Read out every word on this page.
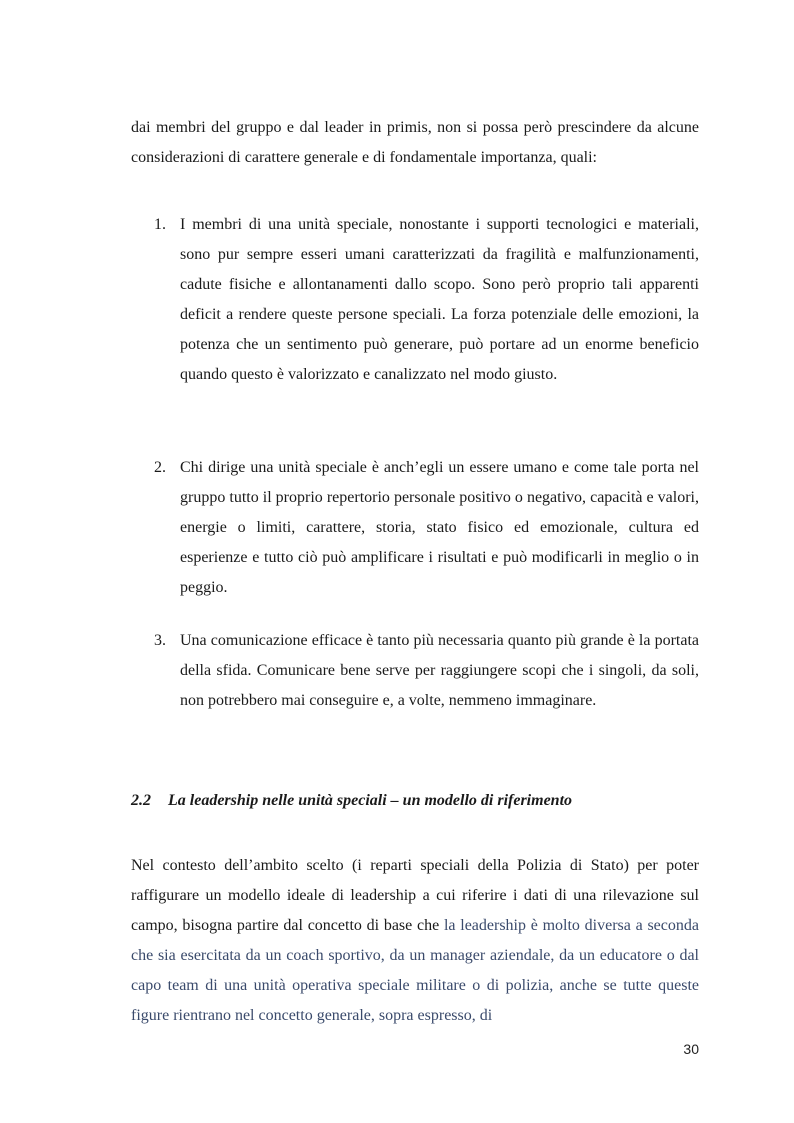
dai membri del gruppo e dal leader in primis, non si possa però prescindere da alcune considerazioni di carattere generale e di fondamentale importanza, quali:

1. I membri di una unità speciale, nonostante i supporti tecnologici e materiali, sono pur sempre esseri umani caratterizzati da fragilità e malfunzionamenti, cadute fisiche e allontanamenti dallo scopo. Sono però proprio tali apparenti deficit a rendere queste persone speciali. La forza potenziale delle emozioni, la potenza che un sentimento può generare, può portare ad un enorme beneficio quando questo è valorizzato e canalizzato nel modo giusto.

2. Chi dirige una unità speciale è anch’egli un essere umano e come tale porta nel gruppo tutto il proprio repertorio personale positivo o negativo, capacità e valori, energie o limiti, carattere, storia, stato fisico ed emozionale, cultura ed esperienze e tutto ciò può amplificare i risultati e può modificarli in meglio o in peggio.

3. Una comunicazione efficace è tanto più necessaria quanto più grande è la portata della sfida. Comunicare bene serve per raggiungere scopi che i singoli, da soli, non potrebbero mai conseguire e, a volte, nemmeno immaginare.

2.2 La leadership nelle unità speciali – un modello di riferimento

Nel contesto dell’ambito scelto (i reparti speciali della Polizia di Stato) per poter raffigurare un modello ideale di leadership a cui riferire i dati di una rilevazione sul campo, bisogna partire dal concetto di base che la leadership è molto diversa a seconda che sia esercitata da un coach sportivo, da un manager aziendale, da un educatore o dal capo team di una unità operativa speciale militare o di polizia, anche se tutte queste figure rientrano nel concetto generale, sopra espresso, di

30
